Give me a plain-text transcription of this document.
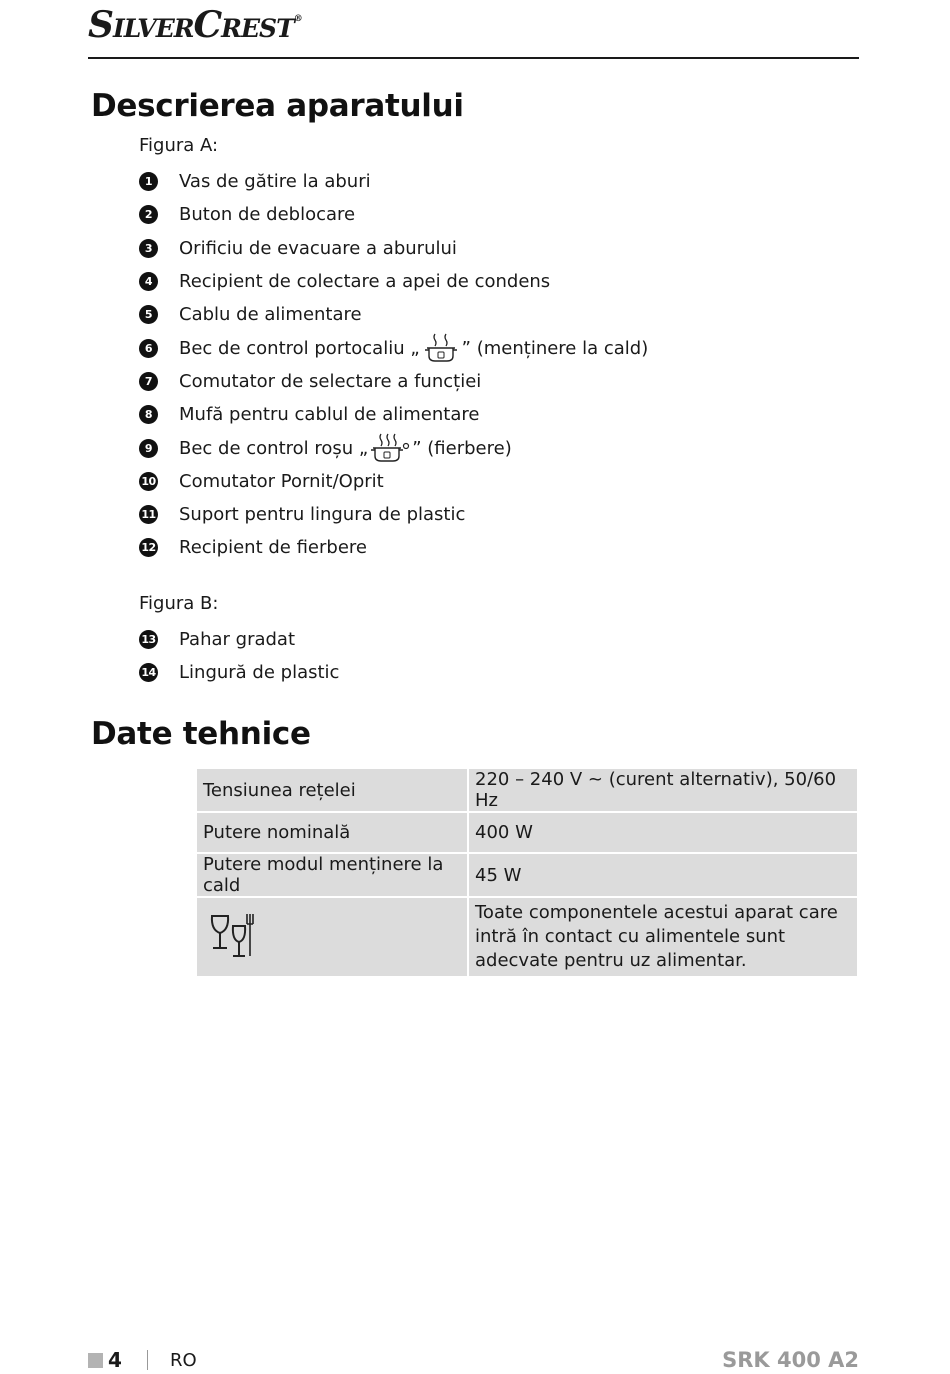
SilverCrest®
Descrierea aparatului
Figura A:
1	Vas de gătire la aburi
2	Buton de deblocare
3	Orificiu de evacuare a aburului
4	Recipient de colectare a apei de condens
5	Cablu de alimentare
6	Bec de control portocaliu „ ” (menținere la cald)
7	Comutator de selectare a funcției
8	Mufă pentru cablul de alimentare
9	Bec de control roșu „ ” (fierbere)
10 Comutator Pornit/Oprit
11 Suport pentru lingura de plastic
12 Recipient de fierbere
Figura B:
13 Pahar gradat
14 Lingură de plastic
Date tehnice
Tensiunea rețelei	220 – 240 V ~ (curent alternativ), 50/60 Hz
Putere nominală	400 W
Putere modul menținere la cald	45 W

	Toate componentele acestui aparat care intră în contact cu alimentele sunt adecvate pentru uz alimentar.
4	RO	SRK 400 A2
